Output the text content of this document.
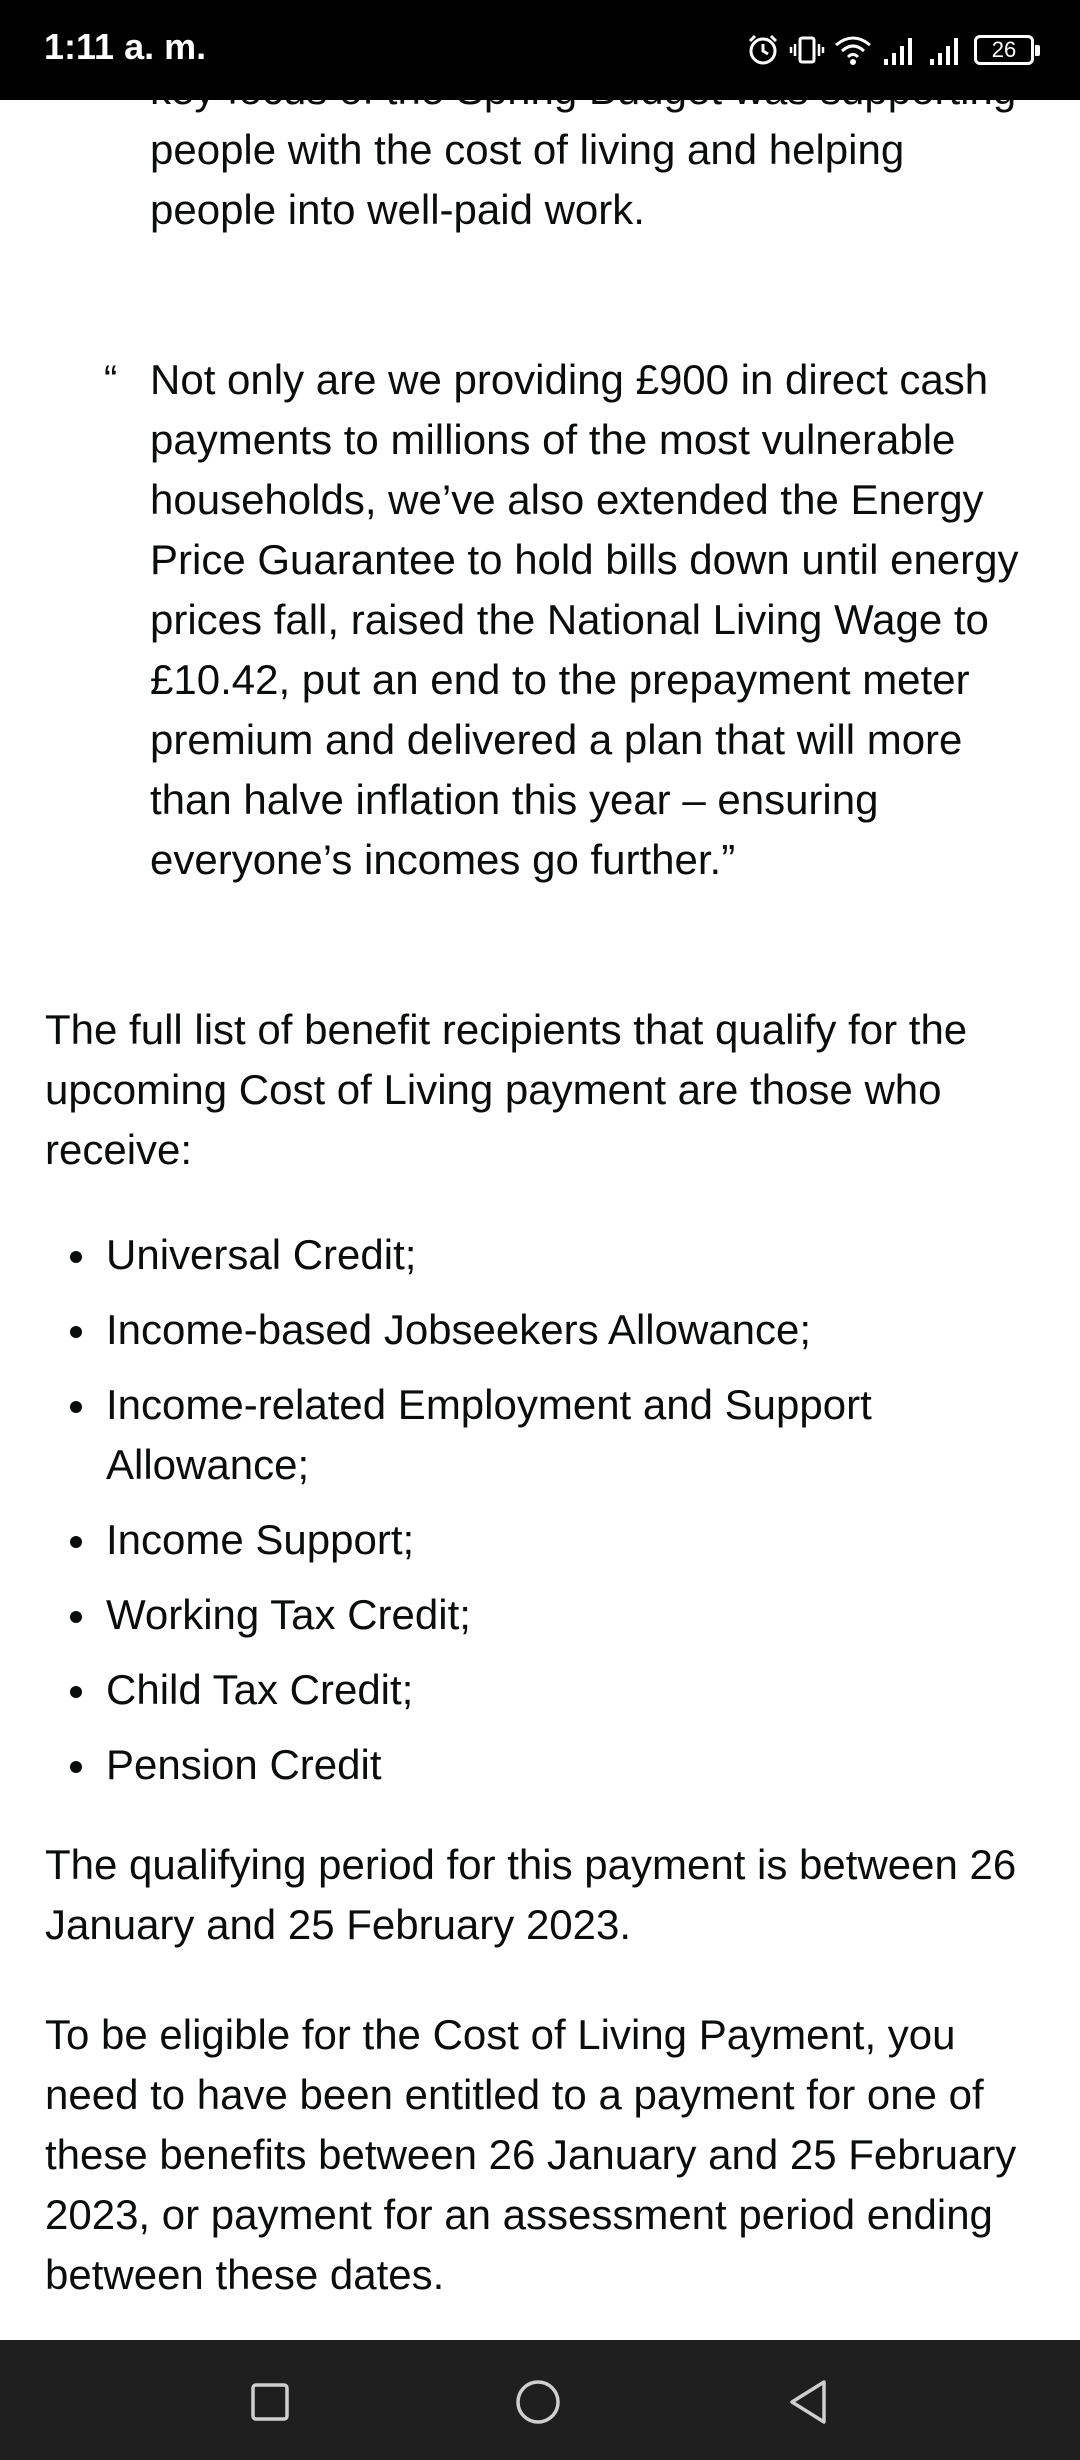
1:11 a. m.	26

people with the cost of living and helping people into well-paid work.

“ Not only are we providing £900 in direct cash payments to millions of the most vulnerable households, we’ve also extended the Energy Price Guarantee to hold bills down until energy prices fall, raised the National Living Wage to £10.42, put an end to the prepayment meter premium and delivered a plan that will more than halve inflation this year – ensuring everyone’s incomes go further.”

The full list of benefit recipients that qualify for the upcoming Cost of Living payment are those who receive:

Universal Credit;
Income-based Jobseekers Allowance;
Income-related Employment and Support Allowance;
Income Support;
Working Tax Credit;
Child Tax Credit;
Pension Credit

The qualifying period for this payment is between 26 January and 25 February 2023.

To be eligible for the Cost of Living Payment, you need to have been entitled to a payment for one of these benefits between 26 January and 25 February 2023, or payment for an assessment period ending between these dates.
